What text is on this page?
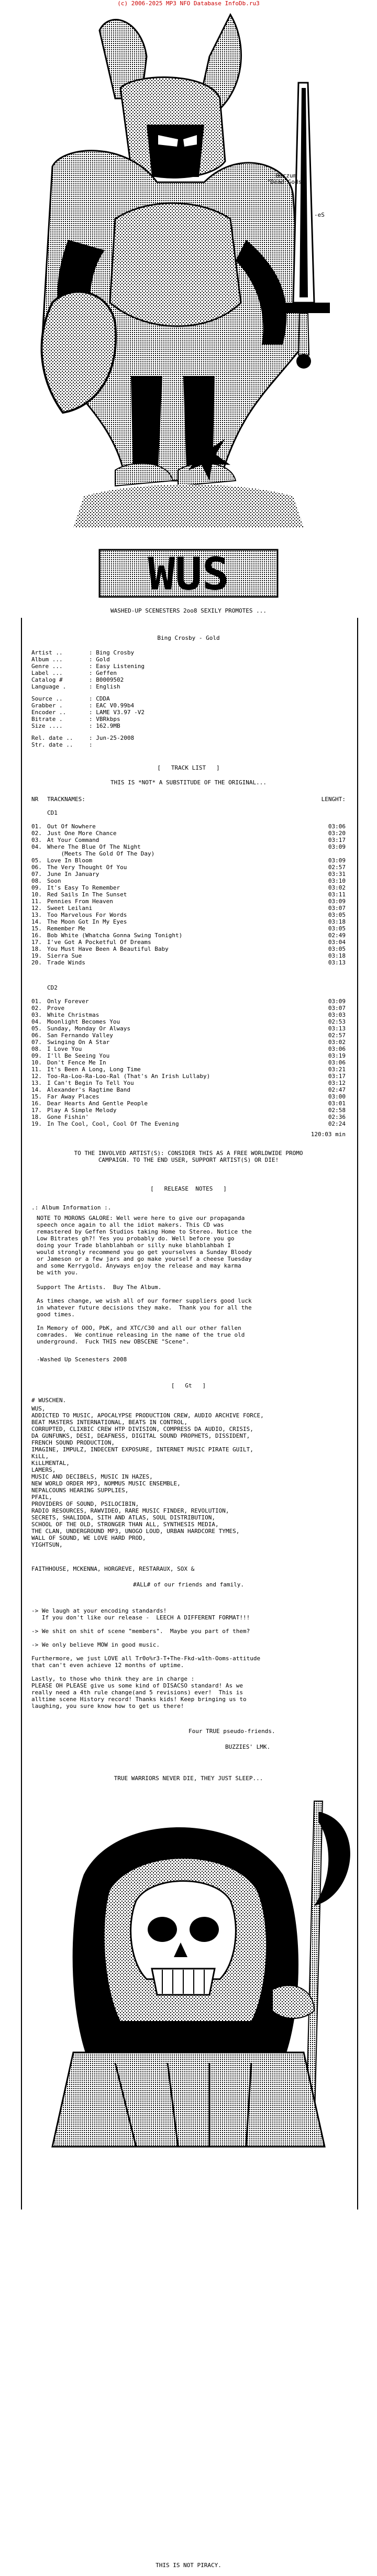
(c) 2006-2025 MP3 NFO Database InfoDb.ru3
Burzum
"Dead Gods"
-eS
WUS
WASHED-UP SCENESTERS 2oo8 SEXILY PROMOTES ...
Bing Crosby - Gold
Artist ..	: Bing Crosby
Album ...	: Gold
Genre ...	: Easy Listening
Label ...	: Geffen
Catalog #	: B0009502
Language .	: English
Source ..	: CDDA
Grabber .	: EAC V0.99b4
Encoder ..	: LAME V3.97 -V2
Bitrate .	: VBRkbps
Size ....	: 162.9MB
Rel. date ..	: Jun-25-2008
Str. date ..	:
[   TRACK LIST   ]
THIS IS *NOT* A SUBSTITUDE OF THE ORIGINAL...
NR	TRACKNAMES:	LENGHT:
CD1
01. Out Of Nowhere	03:06
02. Just One More Chance	03:20
03. At Your Command	03:17
04. Where The Blue Of The Night	03:09
(Meets The Gold Of The Day)
05. Love In Bloom	03:09
06. The Very Thought Of You	02:57
07. June In January	03:31
08. Soon	03:10
09. It's Easy To Remember	03:02
10. Red Sails In The Sunset	03:11
11. Pennies From Heaven	03:09
12. Sweet Leilani	03:07
13. Too Marvelous For Words	03:05
14. The Moon Got In My Eyes	03:18
15. Remember Me	03:05
16. Bob White (Whatcha Gonna Swing Tonight)	02:49
17. I've Got A Pocketful Of Dreams	03:04
18. You Must Have Been A Beautiful Baby	03:05
19. Sierra Sue	03:18
20. Trade Winds	03:13
CD2
01. Only Forever	03:09
02. Prove	03:07
03. White Christmas	03:03
04. Moonlight Becomes You	02:53
05. Sunday, Monday Or Always	03:13
06. San Fernando Valley	02:57
07. Swinging On A Star	03:02
08. I Love You	03:06
09. I'll Be Seeing You	03:19
10. Don't Fence Me In	03:06
11. It's Been A Long, Long Time	03:21
12. Too-Ra-Loo-Ra-Loo-Ral (That's An Irish Lullaby)	03:17
13. I Can't Begin To Tell You	03:12
14. Alexander's Ragtime Band	02:47
15. Far Away Places	03:00
16. Dear Hearts And Gentle People	03:01
17. Play A Simple Melody	02:58
18. Gone Fishin'	02:36
19. In The Cool, Cool, Cool Of The Evening	02:24
120:03 min
TO THE INVOLVED ARTIST(S): CONSIDER THIS AS A FREE WORLDWIDE PROMO
CAMPAIGN. TO THE END USER, SUPPORT ARTIST(S) OR DIE!
[   RELEASE  NOTES   ]
.: Album Information :.
NOTE TO MORONS GALORE: Well were here to give our propaganda
speech once again to all the idiot makers. This CD was
remastered by Geffen Studios taking Home to Stereo. Notice the
Low Bitrates gh?! Yes you probably do. Well before you go
doing your Trade blahblahbah or silly nuke blahblahbah I
would strongly recommend you go get yourselves a Sunday Bloody
or Jameson or a few jars and go make yourself a cheese Tuesday
and some Kerrygold. Anyways enjoy the release and may karma
be with you.
Support The Artists.  Buy The Album.
As times change, we wish all of our former suppliers good luck
in whatever future decisions they make.  Thank you for all the
good times.
In Memory of OOO, PbK, and XTC/C30 and all our other fallen
comrades.  We continue releasing in the name of the true old
underground.  Fuck THIS new OBSCENE "Scene".
-Washed Up Scenesters 2008
[   Gt   ]
# WUSCHEN.
WUS,
ADDICTED TO MUSIC, APOCALYPSE PRODUCTION CREW, AUDIO ARCHIVE FORCE,
BEAT MASTERS INTERNATIONAL, BEATS IN CONTROL,
CORRUPTED, CLIXBIC CREW HTP DIVISION, COMPRESS DA AUDIO, CRISIS,
DA GUNFUNKS, DESI, DEAFNESS, DIGITAL SOUND PROPHETS, DISSIDENT,
FRENCH SOUND PRODUCTION,
IMAGINE, IMPULZ, INDECENT EXPOSURE, INTERNET MUSIC PIRATE GUILT,
KiLL,
KiLLMENTAL,
LAMERS,
MUSIC AND DECIBELS, MUSIC IN HAZES,
NEW WORLD ORDER MP3, NOMMUS MUSIC ENSEMBLE,
NEPALCOUNS HEARING SUPPLIES,
PFAIL,
PROVIDERS OF SOUND, PSILOCIBIN,
RADIO RESOURCES, RAWVIDEO, RARE MUSIC FINDER, REVOLUTION,
SECRETS, SHALIDDA, SITH AND ATLAS, SOUL DISTRIBUTION,
SCHOOL OF THE OLD, STRONGER THAN ALL, SYNTHESIS MEDIA,
THE CLAN, UNDERGROUND MP3, UNOGO LOUD, URBAN HARDCORE TYMES,
WALL OF SOUND, WE LOVE HARD PROD,
YIGHTSUN,
FAITHHOUSE, MCKENNA, HORGREVE, RESTARAUX, SOX &
#ALL# of our friends and family.
-> We laugh at your encoding standards!
If you don't like our release -  LEECH A DIFFERENT FORMAT!!!

-> We shit on shit of scene "members".  Maybe you part of them?

-> We only believe MOW in good music.

Furthermore, we just LOVE all Tr0o%r3-T+The-Fkd-w1th-Ooms-attitude
that can't even achieve 12 months of uptime.

Lastly, to those who think they are in charge :
PLEASE OH PLEASE give us some kind of DISACSO standard! As we
really need a 4th rule change(and 5 revisions) ever!  This is
alltime scene History record! Thanks kids! Keep bringing us to
laughing, you sure know how to get us there!
Four TRUE pseudo-friends.
BUZZIES' LMK.
TRUE WARRIORS NEVER DIE, THEY JUST SLEEP...
THIS IS NOT PIRACY.
